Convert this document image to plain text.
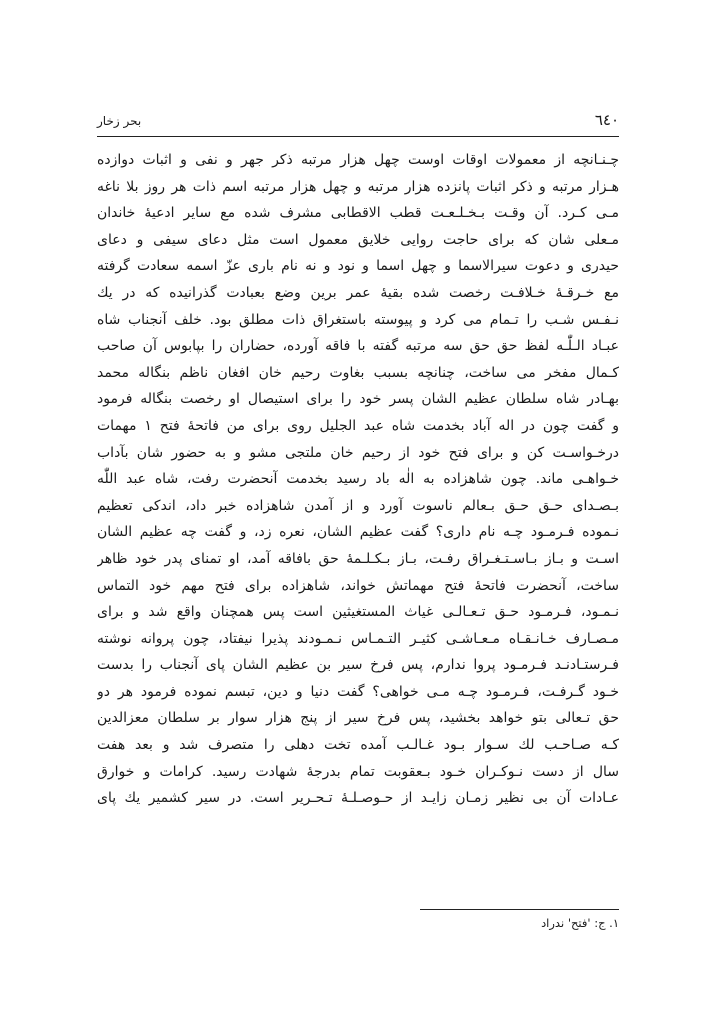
٦٤٠
بحر زخار
چـنـانچه از معمولات اوقات اوست چهل هزار مرتبه ذکر جهر و نفی و اثبات دوازده
هـزار مرتبه و ذکر اثبات پانزده هزار مرتبه و چهل هزار مرتبه اسم ذات هر روز بلا ناغه
مـی کـرد. آن وقـت بـخـلـعـت قطب الاقطابی مشرف شده مع سایر ادعیهٔ خاندان
مـعلی شان که برای حاجت روایی خلایق معمول است مثل دعای سیفی و دعای
حیدری و دعوت سیرالاسما و چهل اسما و نود و نه نام باری عزّ اسمه سعادت گرفته
مع خـرقـهٔ خـلافـت رخصت شده بقیهٔ عمر برین وضع بعبادت گذرانیده که در یك
نـفـس شـب را تـمام می کرد و پیوسته باستغراق ذات مطلق بود. خلف آنجناب شاه
عبـاد الـلّٰـه لفظ حق حق سه مرتبه گفته با فاقه آورده، حضاران را بپابوس آن صاحب
کـمال مفخر می ساخت، چنانچه بسبب بغاوت رحیم خان افغان ناظم بنگاله محمد
بهـادر شاه سلطان عظیم الشان پسر خود را برای استیصال او رخصت بنگاله فرمود
و گفت چون در اله آباد بخدمت شاه عبد الجلیل روی برای من فاتحهٔ فتح ١ مهمات
درخـواسـت کن و برای فتح خود از رحیم خان ملتجی مشو و به حضور شان بآداب
خـواهـی ماند. چون شاهزاده به الٰه باد رسید بخدمت آنحضرت رفت، شاه عبد اللّٰه
بـصـدای حـق حـق بـعالم ناسوت آورد و از آمدن شاهزاده خبر داد، اندکی تعظیم
نـموده فـرمـود چـه نام داری؟ گفت عظیم الشان، نعره زد، و گفت چه عظیم الشان
اسـت و بـاز بـاسـتـغـراق رفـت، بـاز بـکـلـمهٔ حق بافاقه آمد، او تمنای پدر خود ظاهر
ساخت، آنحضرت فاتحهٔ فتح مهماتش خواند، شاهزاده برای فتح مهم خود التماس
نـمـود، فـرمـود حـق تـعـالـی غیاث المستغیثین است پس همچنان واقع شد و برای
مـصـارف خـانـقـاه مـعـاشـی کثیـر التـمـاس نـمـودند پذیرا نیفتاد، چون پروانه نوشته
فـرستـادنـد فـرمـود پروا ندارم، پس فرخ سیر بن عظیم الشان پای آنجناب را بدست
خـود گـرفـت، فـرمـود چـه مـی خواهی؟ گفت دنیا و دین، تبسم نموده فرمود هر دو
حق تـعالی بتو خواهد بخشید، پس فرخ سیر از پنج هزار سوار بر سلطان معزالدین
کـه صـاحـب لك سـوار بـود غـالـب آمده تخت دهلی را متصرف شد و بعد هفت
سال از دست نـوکـران خـود بـعقوبت تمام بدرجهٔ شهادت رسید. کرامات و خوارق
عـادات آن بی نظیر زمـان زایـد از حـوصـلـهٔ تـحـریر است. در سیر کشمیر یك پای
١. ج: 'فتح' ندراد
